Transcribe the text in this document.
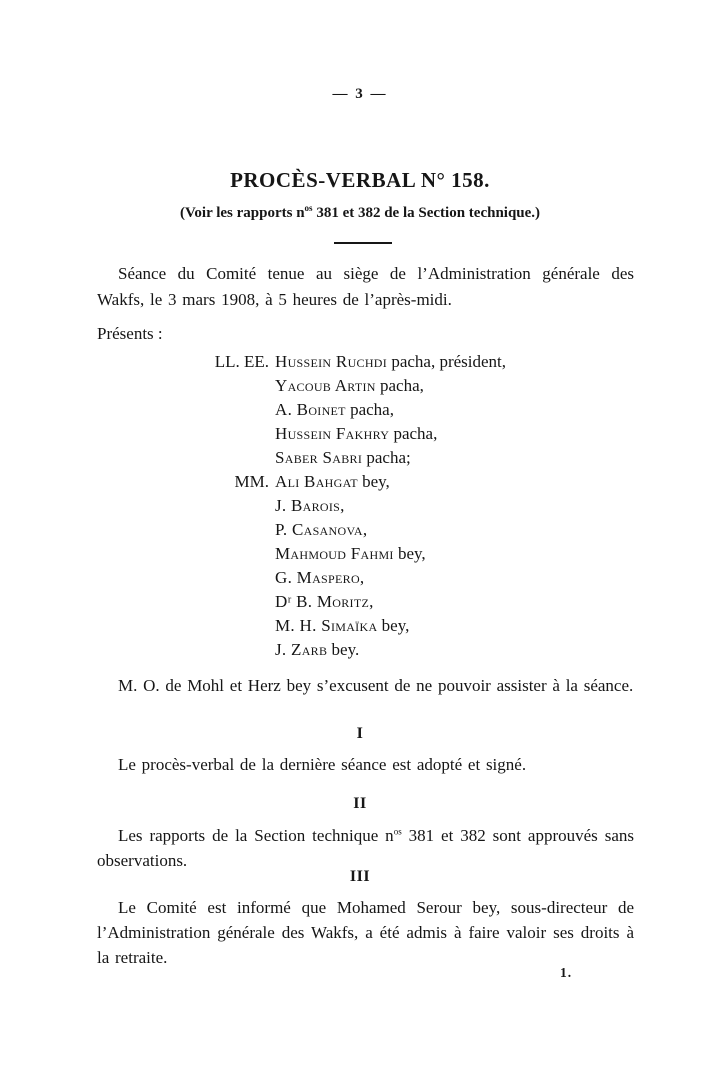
— 3 —
PROCÈS-VERBAL N° 158.
(Voir les rapports $n^{os}$ 381 et 382 de la Section technique.)

Séance du Comité tenue au siège de l’Administration générale des Wakfs, le 3 mars 1908, à 5 heures de l’après-midi.

Présents :

LL. EE. Hussein Ruchdi pacha, président,
Yacoub Artin pacha,
A. Boinet pacha,
Hussein Fakhry pacha,
Saber Sabri pacha;
MM. Ali Bahgat bey,
J. Barois ,
P. Casanova ,
Mahmoud Fahmi bey,
G. Maspero ,
Dʳ B. Moritz ,
M. H. Simaïka bey,
J. Zarb bey.

M. O. de Mohl et Herz bey s’excusent de ne pouvoir assister à la séance.

I

Le procès-verbal de la dernière séance est adopté et signé.

II

Les rapports de la Section technique $n^{os}$ 381 et 382 sont approuvés sans observations.

III

Le Comité est informé que Mohamed Serour bey, sous-directeur de l’Administration générale des Wakfs, a été admis à faire valoir ses droits à la retraite.

1.
